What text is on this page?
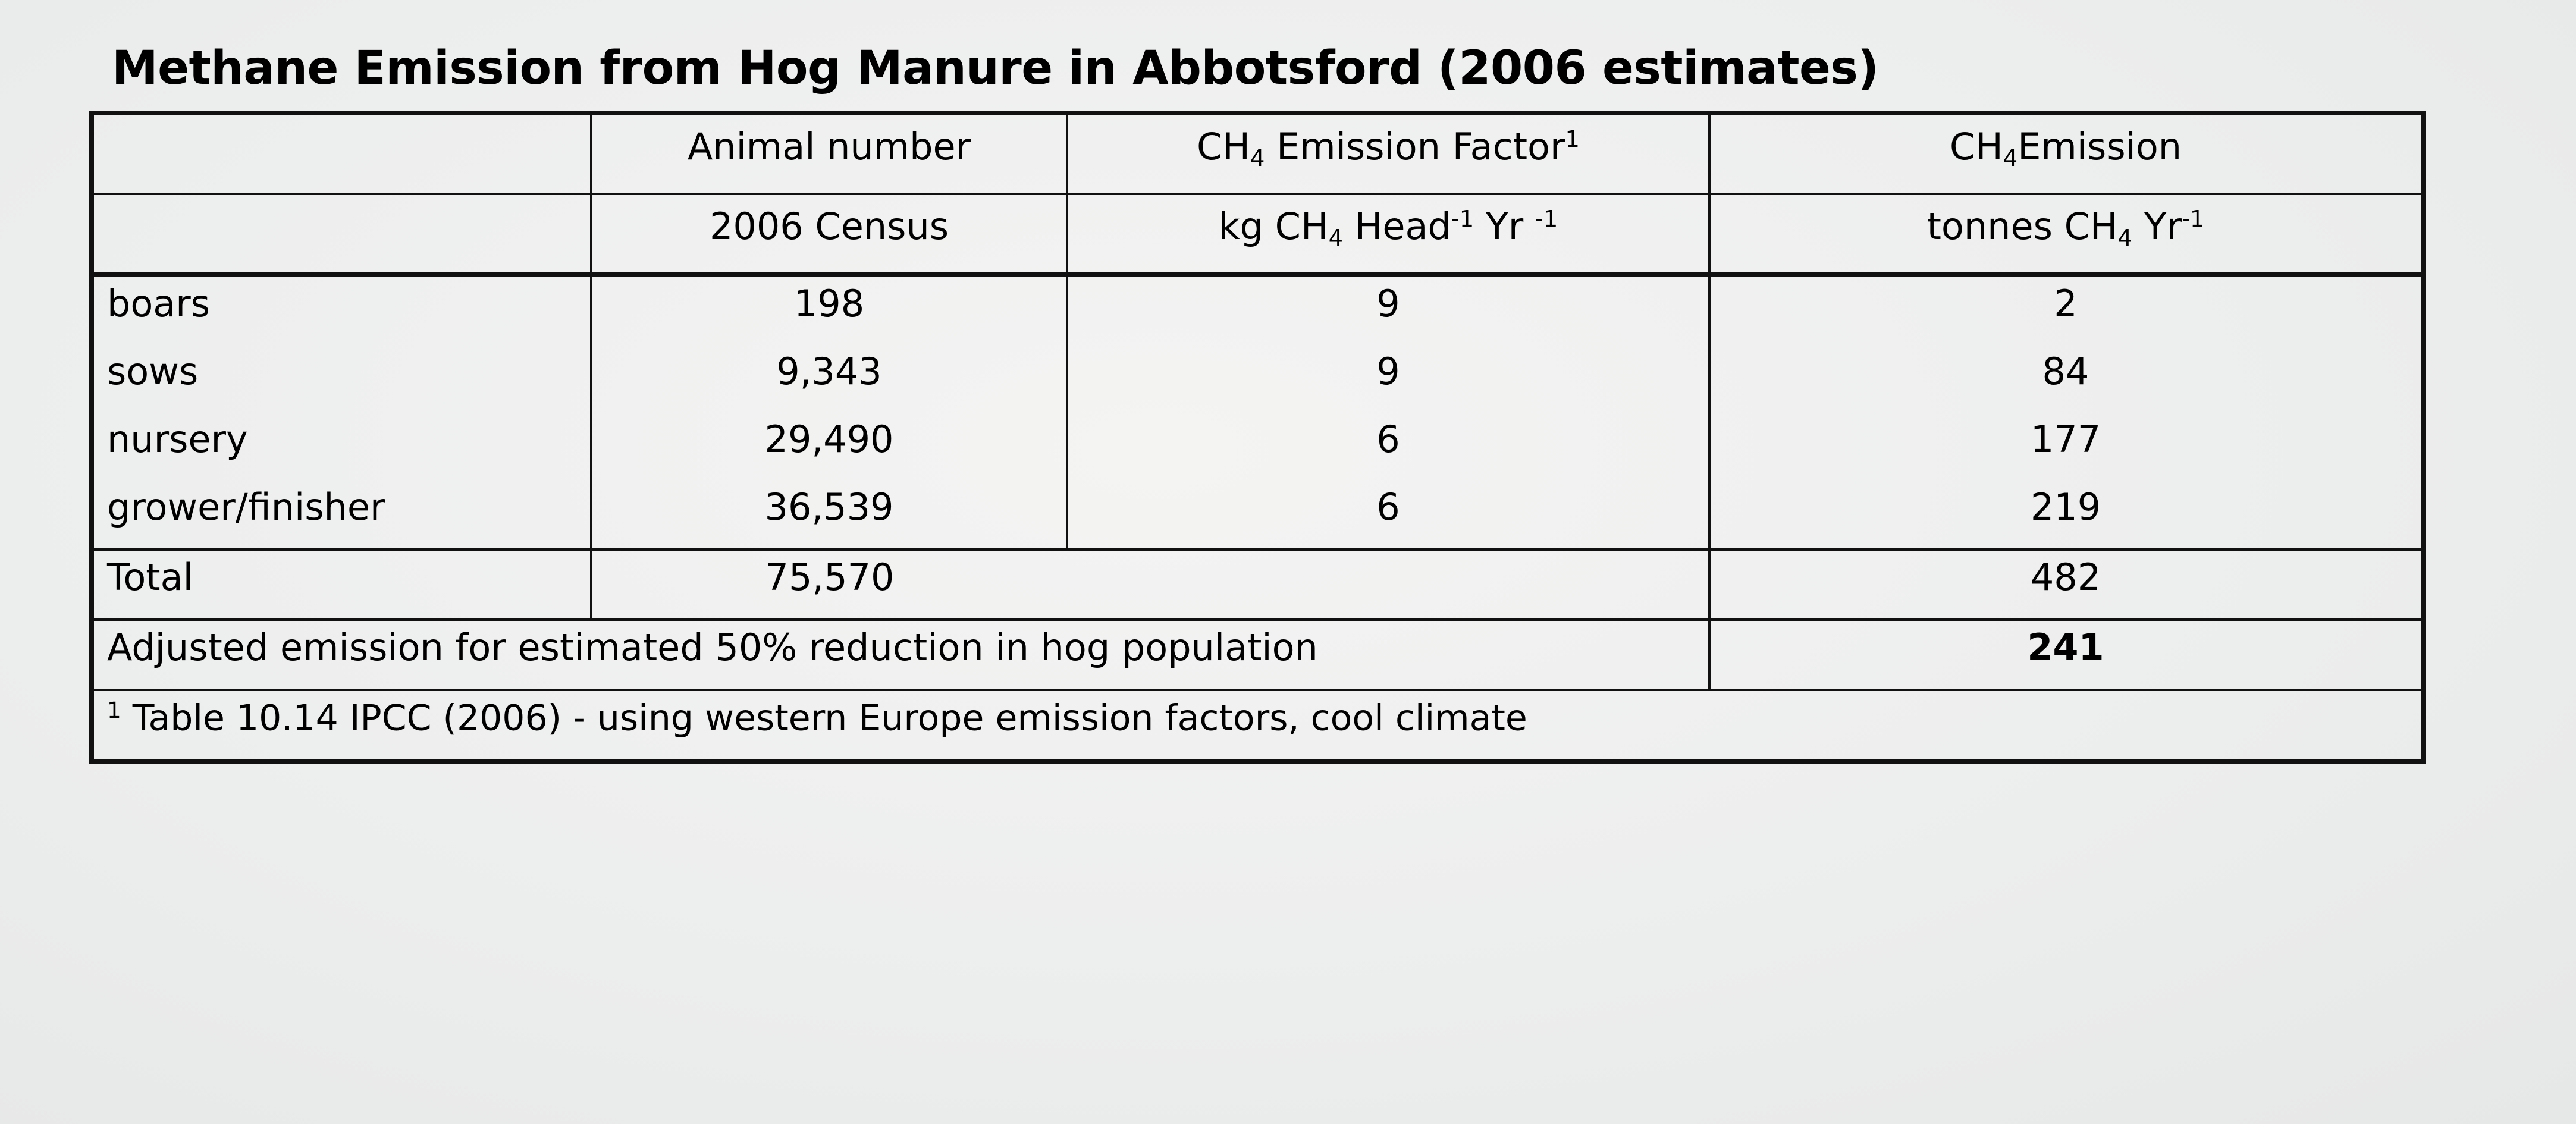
Methane Emission from Hog Manure in Abbotsford (2006 estimates)

	Animal number	$CH_4$ Emission Factor$^1$	$CH_4Emission$

	2006 Census	kg $CH_4$ Head$^{-1}$ Yr $^{-1}$	tonnes $CH_4$ $Yr^{-1}$

boars	198	9	2

sows	9,343	9	84

nursery	29,490	6	177

grower/finisher	36,539	6	219

Total	75,570		482

Adjusted emission for estimated 50% reduction in hog population			241

$^1$ Table 10.14 IPCC (2006) - using western Europe emission factors, cool climate			
